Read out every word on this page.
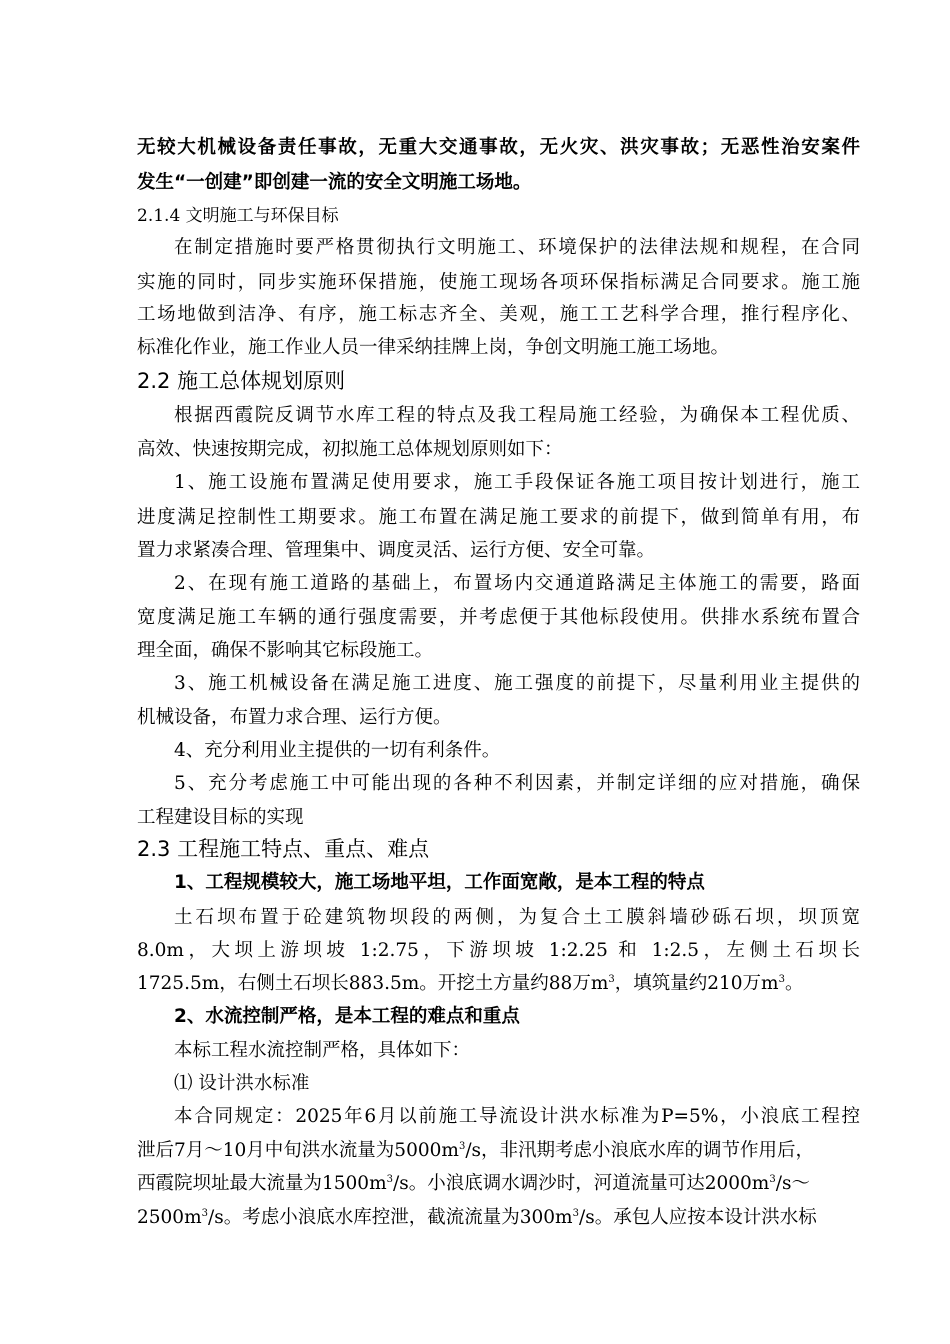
无较大机械设备责任事故，无重大交通事故，无火灾、洪灾事故；无恶性治安案件

发生“一创建”即创建一流的安全文明施工场地。

2.1.4 文明施工与环保目标

在制定措施时要严格贯彻执行文明施工、环境保护的法律法规和规程，在合同

实施的同时，同步实施环保措施，使施工现场各项环保指标满足合同要求。施工施

工场地做到洁净、有序，施工标志齐全、美观，施工工艺科学合理，推行程序化、

标准化作业，施工作业人员一律采纳挂牌上岗，争创文明施工施工场地。

2.2 施工总体规划原则

根据西霞院反调节水库工程的特点及我工程局施工经验，为确保本工程优质、

高效、快速按期完成，初拟施工总体规划原则如下：

1、施工设施布置满足使用要求，施工手段保证各施工项目按计划进行，施工

进度满足控制性工期要求。施工布置在满足施工要求的前提下，做到简单有用，布

置力求紧凑合理、管理集中、调度灵活、运行方便、安全可靠。

2、在现有施工道路的基础上，布置场内交通道路满足主体施工的需要，路面

宽度满足施工车辆的通行强度需要，并考虑便于其他标段使用。供排水系统布置合

理全面，确保不影响其它标段施工。

3、施工机械设备在满足施工进度、施工强度的前提下，尽量利用业主提供的

机械设备，布置力求合理、运行方便。

4、充分利用业主提供的一切有利条件。

5、充分考虑施工中可能出现的各种不利因素，并制定详细的应对措施，确保

工程建设目标的实现

2.3 工程施工特点、重点、难点

1、工程规模较大，施工场地平坦，工作面宽敞，是本工程的特点

土石坝布置于砼建筑物坝段的两侧，为复合土工膜斜墙砂砾石坝，坝顶宽

8.0m，大坝上游坝坡 1:2.75，下游坝坡 1:2.25 和 1:2.5，左侧土石坝长

1725.5m，右侧土石坝长883.5m。开挖土方量约88万$m^3$，填筑量约210万$m^3$。

2、水流控制严格，是本工程的难点和重点

本标工程水流控制严格，具体如下：

⑴ 设计洪水标准

本合同规定：2025年6月以前施工导流设计洪水标准为P=5%，小浪底工程控

泄后7月～10月中旬洪水流量为$5000m^3/s$，非汛期考虑小浪底水库的调节作用后，

西霞院坝址最大流量为$1500m^3/s$。小浪底调水调沙时，河道流量可达$2000m^3/s\sim$

$2500m^3/s$。考虑小浪底水库控泄，截流流量为$300m^3/s$。承包人应按本设计洪水标
